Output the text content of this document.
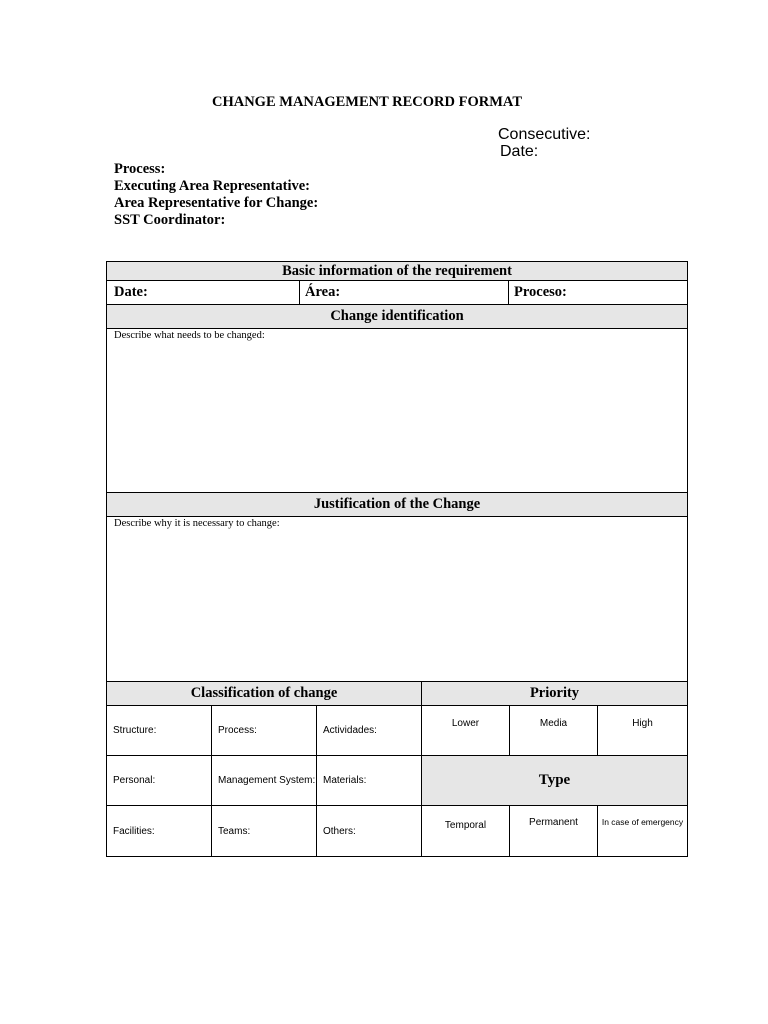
CHANGE MANAGEMENT RECORD FORMAT
Consecutive:
Date:
Process:
Executing Area Representative:
Area Representative for Change:
SST Coordinator:
Basic information of the requirement
Date:	Área:	Proceso:
Change identification
Describe what needs to be changed:
Justification of the Change
Describe why it is necessary to change:
Classification of change	Priority
Structure:	Process:	Actividades:
Personal:	Management System: Materials:
Facilities:	Teams:	Others:
Lower	Media	High
Type
Temporal	Permanent	In case of emergency
